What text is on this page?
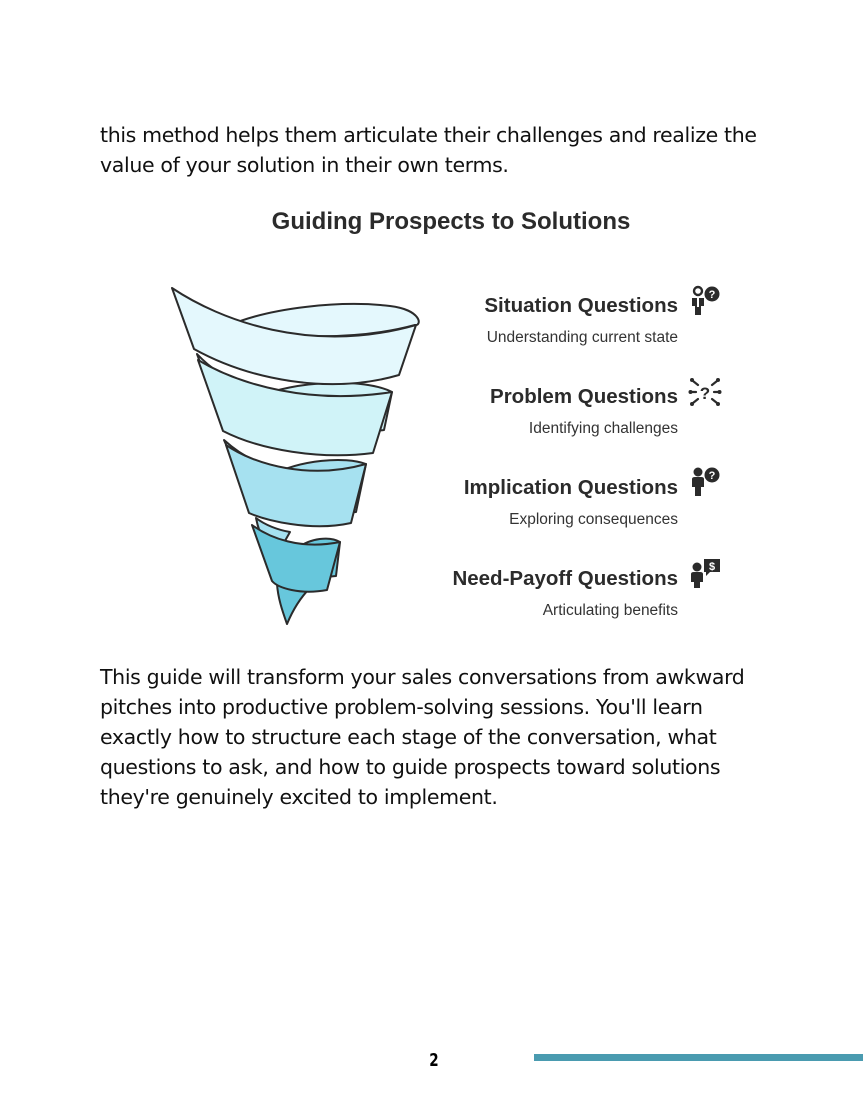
this method helps them articulate their challenges and realize the value of your solution in their own terms.

Guiding Prospects to Solutions
Situation Questions
Understanding current state
?
Problem Questions
Identifying challenges
?
Implication Questions
Exploring consequences
?
Need-Payoff Questions
Articulating benefits
$

This guide will transform your sales conversations from awkward pitches into productive problem-solving sessions. You'll learn exactly how to structure each stage of the conversation, what questions to ask, and how to guide prospects toward solutions they're genuinely excited to implement.

2
